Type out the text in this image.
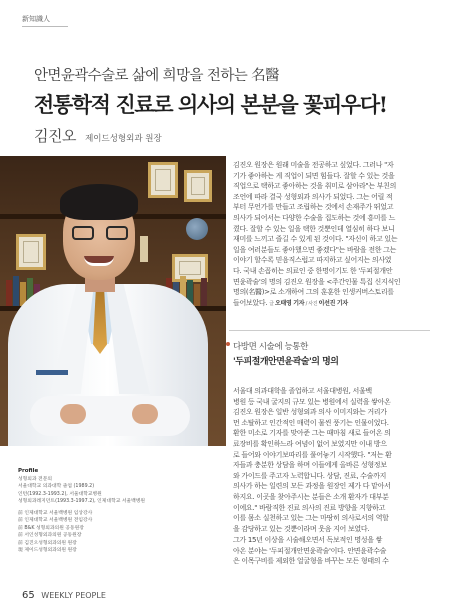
新知識人
안면윤곽수술로 삶에 희망을 전하는 名醫
전통학적 진료로 의사의 본분을 꽃피우다!
김진오 제이드성형외과 원장
Profile
성형외과 전문의
서울대학교 의과대학 졸업 (1989.2)
인턴(1992.3-1993.2), 서울대학교병원
성형외과레지던트(1993.3-1997.2), 인제대학교 서울백병원
前 인제대학교 서울백병원 임상강사
前 인제대학교 서울백병원 전임강사
前 B&K 성형외과의원 공동원장
前 서인성형외과의원 공동원장
前 김진오성형외과의원 원장
現 제이드성형외과의원 원장
김진오 원장은 원래 미술을 전공하고 싶었다. 그러나 "자
기가 좋아하는 게 직업이 되면 힘들다. 잘할 수 있는 것을
직업으로 택하고 좋아하는 것을 취미로 삼아라"는 부친의
조언에 따라 결국 성형외과 의사가 되었다. 그는 어릴 적
부터 무언가를 만들고 조립하는 것에서 손재주가 뛰었고
의사가 되어서는 다양한 수술을 집도하는 것에 흥미를 느
꼈다. 잘할 수 있는 일을 택한 것뿐인데 열심히 하다 보니
재미를 느끼고 즐길 수 있게 된 것이다. "자신이 하고 있는
일을 여러분들도 좋아했으면 좋겠다"는 바람을 전한 그는
이야기 할수록 믿음직스럽고 따지하고 싶어지는 의사였
다. 국내 손꼽히는 의료인 중 한명이기도 한 '두피절개안
면윤곽술'의 명의 김진오 원장을 <주간인물 특집 신지식인
명의(名醫)>로 소개하여 그의 훈훈한 인생커버스토리를
들어보았다. 글 오태영 기자 / 사진 이선진 기자
다방면 시술에 능통한
'두피절개안면윤곽술'의 명의
서울대 의과대학을 졸업하고 서울대병원, 서울백
병원 등 국내 굴지의 규모 있는 병원에서 실력을 쌓아온
김진오 원장은 일반 성형외과 의사 이미지와는 거리가
먼 소탈하고 인간적인 매력이 물씬 풍기는 인물이었다.
환한 미소로 기자를 맞아준 그는 때마침 새로 들어온 의
료장비를 확인하느라 여념이 없어 보였지만 이내 방으
로 들어와 이야기보따리를 풀어놓기 시작했다. "저는 환
자들과 충분한 상담을 하며 이들에게 올바른 성형정보
와 가이드를 주고자 노력합니다. 상담, 진료, 수술까지
의사가 하는 일련의 모든 과정을 원장인 제가 다 맡아서
하지요. 이곳을 찾아주시는 분들은 소개 환자가 대부분
이에요." 바람직한 진료 의사의 진료 방향을 지향하고
이를 몸소 실천하고 있는 그는 마땅히 의사로서의 역할
을 감당하고 있는 것뿐이라며 웃음 지어 보였다.
그가 15년 이상을 시술해오면서 독보적인 명성을 쌓
아온 분야는 '두피절개안면윤곽술'이다. 안면윤곽수술
은 이목구비를 제외한 얼굴형을 바꾸는 모든 형태의 수
65 WEEKLY PEOPLE
